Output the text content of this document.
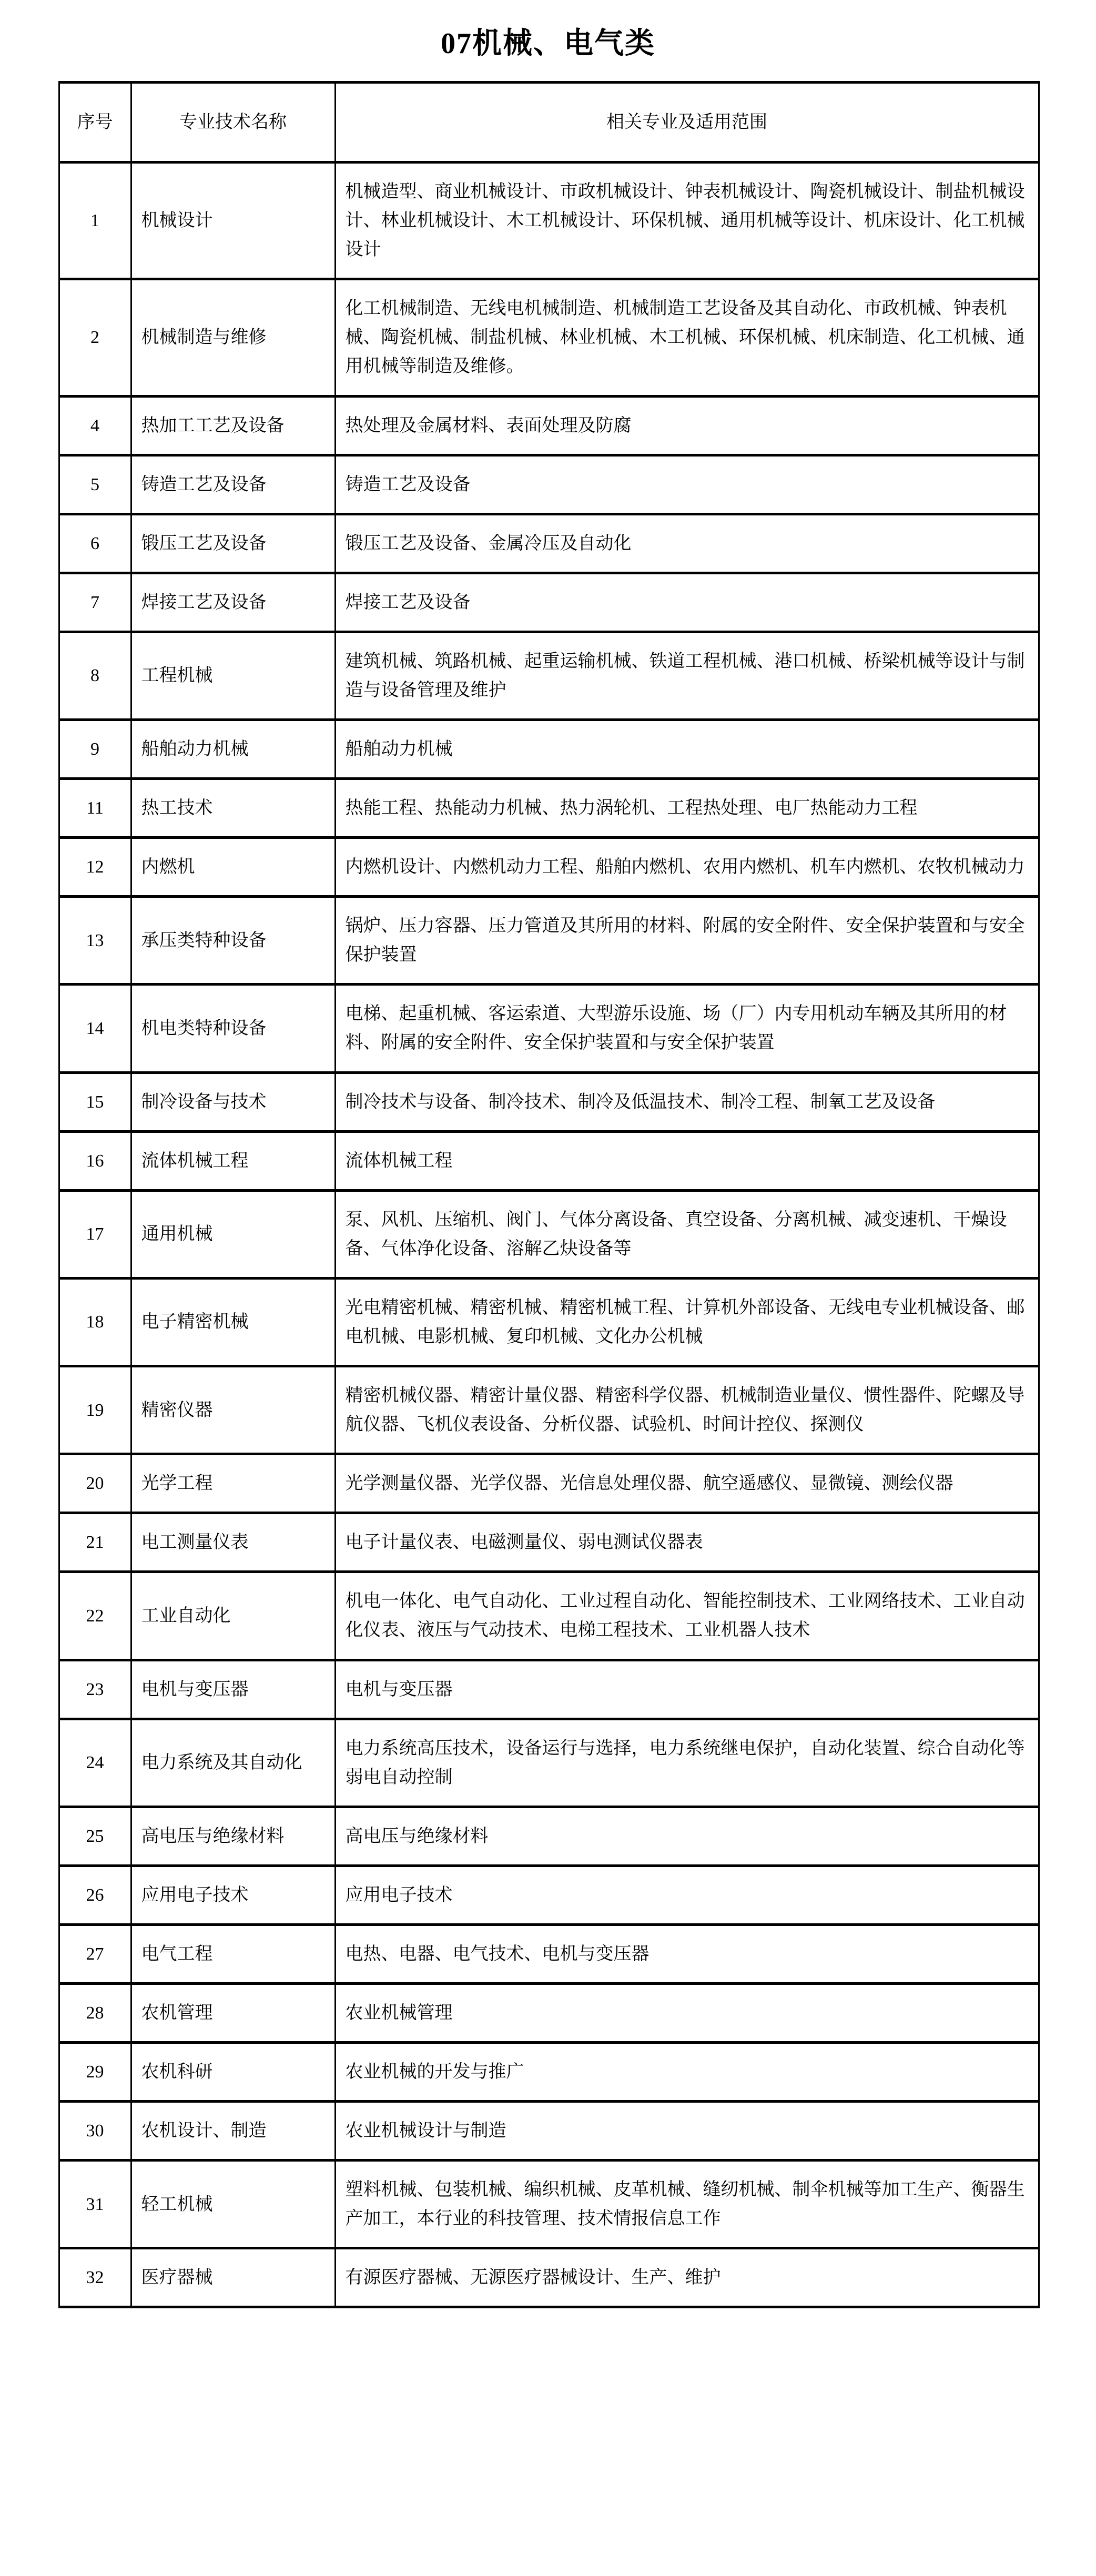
07机械、电气类
序号	专业技术名称	相关专业及适用范围
1	机械设计	机械造型、商业机械设计、市政机械设计、钟表机械设计、陶瓷机械设计、制盐机械设计、林业机械设计、木工机械设计、环保机械、通用机械等设计、机床设计、化工机械设计
2	机械制造与维修	化工机械制造、无线电机械制造、机械制造工艺设备及其自动化、市政机械、钟表机械、陶瓷机械、制盐机械、林业机械、木工机械、环保机械、机床制造、化工机械、通用机械等制造及维修。
4	热加工工艺及设备	热处理及金属材料、表面处理及防腐
5	铸造工艺及设备	铸造工艺及设备
6	锻压工艺及设备	锻压工艺及设备、金属冷压及自动化
7	焊接工艺及设备	焊接工艺及设备
8	工程机械	建筑机械、筑路机械、起重运输机械、铁道工程机械、港口机械、桥梁机械等设计与制造与设备管理及维护
9	船舶动力机械	船舶动力机械
11	热工技术	热能工程、热能动力机械、热力涡轮机、工程热处理、电厂热能动力工程
12	内燃机	内燃机设计、内燃机动力工程、船舶内燃机、农用内燃机、机车内燃机、农牧机械动力
13	承压类特种设备	锅炉、压力容器、压力管道及其所用的材料、附属的安全附件、安全保护装置和与安全保护装置
14	机电类特种设备	电梯、起重机械、客运索道、大型游乐设施、场（厂）内专用机动车辆及其所用的材料、附属的安全附件、安全保护装置和与安全保护装置
15	制冷设备与技术	制冷技术与设备、制冷技术、制冷及低温技术、制冷工程、制氧工艺及设备
16	流体机械工程	流体机械工程
17	通用机械	泵、风机、压缩机、阀门、气体分离设备、真空设备、分离机械、减变速机、干燥设备、气体净化设备、溶解乙炔设备等
18	电子精密机械	光电精密机械、精密机械、精密机械工程、计算机外部设备、无线电专业机械设备、邮电机械、电影机械、复印机械、文化办公机械
19	精密仪器	精密机械仪器、精密计量仪器、精密科学仪器、机械制造业量仪、惯性器件、陀螺及导航仪器、飞机仪表设备、分析仪器、试验机、时间计控仪、探测仪
20	光学工程	光学测量仪器、光学仪器、光信息处理仪器、航空遥感仪、显微镜、测绘仪器
21	电工测量仪表	电子计量仪表、电磁测量仪、弱电测试仪器表
22	工业自动化	机电一体化、电气自动化、工业过程自动化、智能控制技术、工业网络技术、工业自动化仪表、液压与气动技术、电梯工程技术、工业机器人技术
23	电机与变压器	电机与变压器
24	电力系统及其自动化	电力系统高压技术，设备运行与选择，电力系统继电保护，自动化装置、综合自动化等弱电自动控制
25	高电压与绝缘材料	高电压与绝缘材料
26	应用电子技术	应用电子技术
27	电气工程	电热、电器、电气技术、电机与变压器
28	农机管理	农业机械管理
29	农机科研	农业机械的开发与推广
30	农机设计、制造	农业机械设计与制造
31	轻工机械	塑料机械、包装机械、编织机械、皮革机械、缝纫机械、制伞机械等加工生产、衡器生产加工，本行业的科技管理、技术情报信息工作
32	医疗器械	有源医疗器械、无源医疗器械设计、生产、维护
